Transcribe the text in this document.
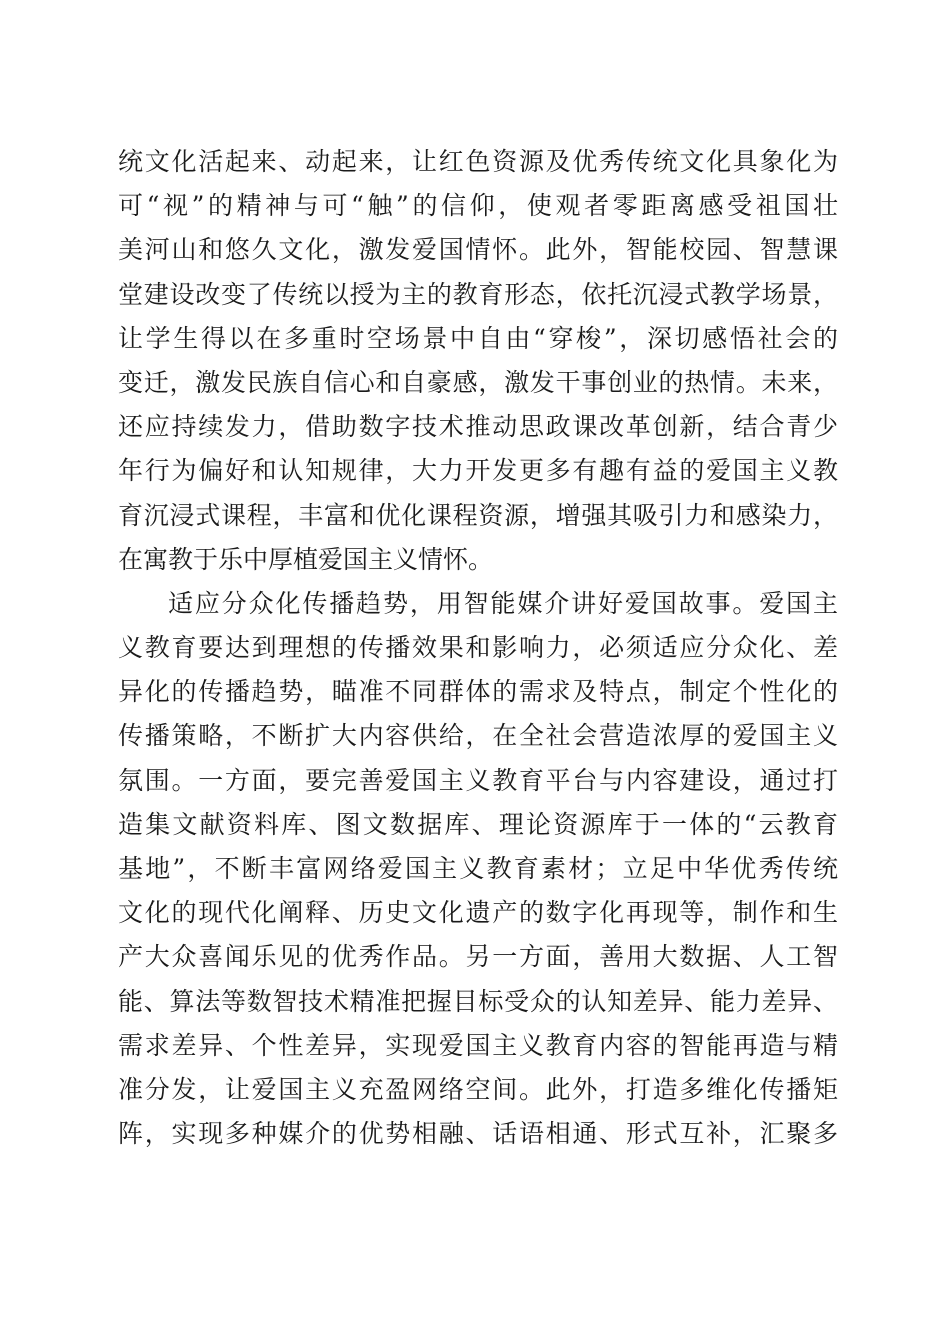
统文化活起来、动起来，让红色资源及优秀传统文化具象化为
可“视”的精神与可“触”的信仰，使观者零距离感受祖国壮
美河山和悠久文化，激发爱国情怀。此外，智能校园、智慧课
堂建设改变了传统以授为主的教育形态，依托沉浸式教学场景，
让学生得以在多重时空场景中自由“穿梭”，深切感悟社会的
变迁，激发民族自信心和自豪感，激发干事创业的热情。未来，
还应持续发力，借助数字技术推动思政课改革创新，结合青少
年行为偏好和认知规律，大力开发更多有趣有益的爱国主义教
育沉浸式课程，丰富和优化课程资源，增强其吸引力和感染力，
在寓教于乐中厚植爱国主义情怀。
适应分众化传播趋势，用智能媒介讲好爱国故事。爱国主
义教育要达到理想的传播效果和影响力，必须适应分众化、差
异化的传播趋势，瞄准不同群体的需求及特点，制定个性化的
传播策略，不断扩大内容供给，在全社会营造浓厚的爱国主义
氛围。一方面，要完善爱国主义教育平台与内容建设，通过打
造集文献资料库、图文数据库、理论资源库于一体的“云教育
基地”，不断丰富网络爱国主义教育素材；立足中华优秀传统
文化的现代化阐释、历史文化遗产的数字化再现等，制作和生
产大众喜闻乐见的优秀作品。另一方面，善用大数据、人工智
能、算法等数智技术精准把握目标受众的认知差异、能力差异、
需求差异、个性差异，实现爱国主义教育内容的智能再造与精
准分发，让爱国主义充盈网络空间。此外，打造多维化传播矩
阵，实现多种媒介的优势相融、话语相通、形式互补，汇聚多
